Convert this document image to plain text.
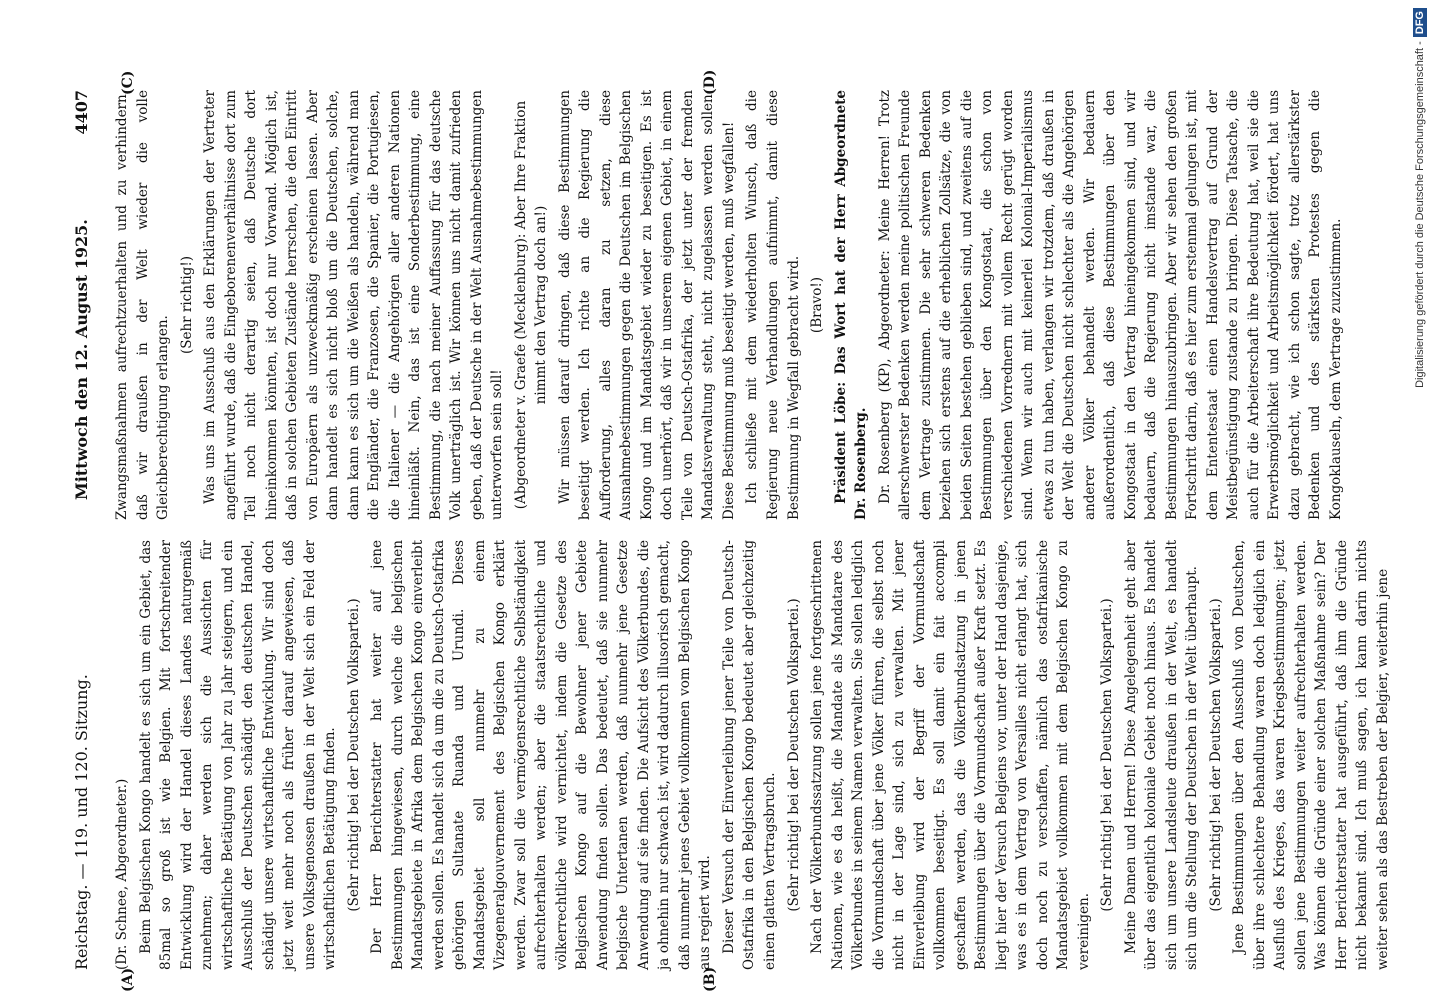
Reichstag. — 119. und 120. Sitzung.
Mittwoch den 12. August 1925.
4407
(A)	(B)
(C)	(D)

(Dr. Schnee, Abgeordneter.) Beim Belgischen Kongo handelt es sich um ein Gebiet, das 85mal so groß ist wie Belgien. Mit fortschreitender Entwicklung wird der Handel dieses Landes naturgemäß zunehmen; daher werden sich die Aussichten für wirtschaftliche Betätigung von Jahr zu Jahr steigern, und ein Ausschluß der Deutschen schädigt den deutschen Handel, schädigt unsere wirtschaftliche Entwicklung. Wir sind doch jetzt weit mehr noch als früher darauf angewiesen, daß unsere Volksgenossen draußen in der Welt sich ein Feld der wirtschaftlichen Betätigung finden. (Sehr richtig! bei der Deutschen Volkspartei.) Der Herr Berichterstatter hat weiter auf jene Bestimmungen hingewiesen, durch welche die belgischen Mandatsgebiete in Afrika dem Belgischen Kongo einverleibt werden sollen. Es handelt sich da um die zu Deutsch-Ostafrika gehörigen Sultanate Ruanda und Urundi. Dieses Mandatsgebiet soll nunmehr zu einem Vizegeneralgouvernement des Belgischen Kongo erklärt werden. Zwar soll die vermögensrechtliche Selbständigkeit aufrechterhalten werden; aber die staatsrechtliche und völkerrechtliche wird vernichtet, indem die Gesetze des Belgischen Kongo auf die Bewohner jener Gebiete Anwendung finden sollen. Das bedeutet, daß sie nunmehr belgische Untertanen werden, daß nunmehr jene Gesetze Anwendung auf sie finden. Die Aufsicht des Völkerbundes, die ja ohnehin nur schwach ist, wird dadurch illusorisch gemacht, daß nunmehr jenes Gebiet vollkommen vom Belgischen Kongo aus regiert wird. Dieser Versuch der Einverleibung jener Teile von Deutsch-Ostafrika in den Belgischen Kongo bedeutet aber gleichzeitig einen glatten Vertragsbruch. (Sehr richtig! bei der Deutschen Volkspartei.) Nach der Völkerbundssatzung sollen jene fortgeschrittenen Nationen, wie es da heißt, die Mandate als Mandatare des Völkerbundes in seinem Namen verwalten. Sie sollen lediglich die Vormundschaft über jene Völker führen, die selbst noch nicht in der Lage sind, sich zu verwalten. Mit jener Einverleibung wird der Begriff der Vormundschaft vollkommen beseitigt. Es soll damit ein fait accompli geschaffen werden, das die Völkerbundsatzung in jenen Bestimmungen über die Vormundschaft außer Kraft setzt. Es liegt hier der Versuch Belgiens vor, unter der Hand dasjenige, was es in dem Vertrag von Versailles nicht erlangt hat, sich doch noch zu verschaffen, nämlich das ostafrikanische Mandatsgebiet vollkommen mit dem Belgischen Kongo zu vereinigen.

(Sehr richtig! bei der Deutschen Volkspartei.) Meine Damen und Herren! Diese Angelegenheit geht aber über das eigentlich koloniale Gebiet noch hinaus. Es handelt sich um unsere Landsleute draußen in der Welt, es handelt sich um die Stellung der Deutschen in der Welt überhaupt. (Sehr richtig! bei der Deutschen Volkspartei.) Jene Bestimmungen über den Ausschluß von Deutschen, über ihre schlechtere Behandlung waren doch lediglich ein Ausfluß des Krieges, das waren Kriegsbestimmungen; jetzt sollen jene Bestimmungen weiter aufrechterhalten werden. Was können die Gründe einer solchen Maßnahme sein? Der Herr Berichterstatter hat ausgeführt, daß ihm die Gründe nicht bekannt sind. Ich muß sagen, ich kann darin nichts weiter sehen als das Bestreben der Belgier, weiterhin jene

Zwangsmaßnahmen aufrechtzuerhalten und zu verhindern, daß wir draußen in der Welt wieder die volle Gleichberechtigung erlangen.

(Sehr richtig!) Was uns im Ausschuß aus den Erklärungen der Vertreter angeführt wurde, daß die Eingeborenenverhältnisse dort zum Teil noch nicht derartig seien, daß Deutsche dort hineinkommen könnten, ist doch nur Vorwand. Möglich ist, daß in solchen Gebieten Zustände herrschen, die den Eintritt von Europäern als unzweckmäßig erscheinen lassen. Aber dann handelt es sich nicht bloß um die Deutschen, solche, dann kann es sich um die Weißen als handeln, während man die Engländer, die Franzosen, die Spanier, die Portugiesen, die Italiener — die Angehörigen aller anderen Nationen hineinläßt. Nein, das ist eine Sonderbestimmung, eine Bestimmung, die nach meiner Auffassung für das deutsche Volk unerträglich ist. Wir können uns nicht damit zufrieden geben, daß der Deutsche in der Welt Ausnahmebestimmungen unterworfen sein soll! (Abgeordneter v. Graefe (Mecklenburg): Aber Ihre Fraktion nimmt den Vertrag doch an!) Wir müssen darauf dringen, daß diese Bestimmungen beseitigt werden. Ich richte an die Regierung die Aufforderung, alles daran zu setzen, diese Ausnahmebestimmungen gegen die Deutschen im Belgischen Kongo und im Mandatsgebiet wieder zu beseitigen. Es ist doch unerhört, daß wir in unserem eigenen Gebiet, in einem Teile von Deutsch-Ostafrika, der jetzt unter der fremden Mandatsverwaltung steht, nicht zugelassen werden sollen. Diese Bestimmung muß beseitigt werden, muß wegfallen! Ich schließe mit dem wiederholten Wunsch, daß die Regierung neue Verhandlungen aufnimmt, damit diese Bestimmung in Wegfall gebracht wird. (Bravo!) Präsident Löbe: Das Wort hat der Herr Abgeordnete Dr. Rosenberg. Dr. Rosenberg (KP), Abgeordneter: Meine Herren! Trotz allerschwerster Bedenken werden meine politischen Freunde dem Vertrage zustimmen. Die sehr schweren Bedenken beziehen sich erstens auf die erheblichen Zollsätze, die von beiden Seiten bestehen geblieben sind, und zweitens auf die Bestimmungen über den Kongostaat, die schon von verschiedenen Vorrednern mit vollem Recht gerügt worden sind. Wenn wir auch mit keinerlei Kolonial-Imperialismus etwas zu tun haben, verlangen wir trotzdem, daß draußen in der Welt die Deutschen nicht schlechter als die Angehörigen anderer Völker behandelt werden. Wir bedauern außerordentlich, daß diese Bestimmungen über den Kongostaat in den Vertrag hineingekommen sind, und wir bedauern, daß die Regierung nicht imstande war, die Bestimmungen hinauszubringen. Aber wir sehen den großen Fortschritt darin, daß es hier zum erstenmal gelungen ist, mit dem Ententestaat einen Handelsvertrag auf Grund der Meistbegünstigung zustande zu bringen. Diese Tatsache, die auch für die Arbeiterschaft ihre Bedeutung hat, weil sie die Erwerbsmöglichkeit und Arbeitsmöglichkeit fördert, hat uns dazu gebracht, wie ich schon sagte, trotz allerstärkster Bedenken und des stärksten Protestes gegen die Kongoklauseln, dem Vertrage zuzustimmen.	Digitalisierung gefördert durch die Deutsche Forschungsgemeinschaft -DFG
